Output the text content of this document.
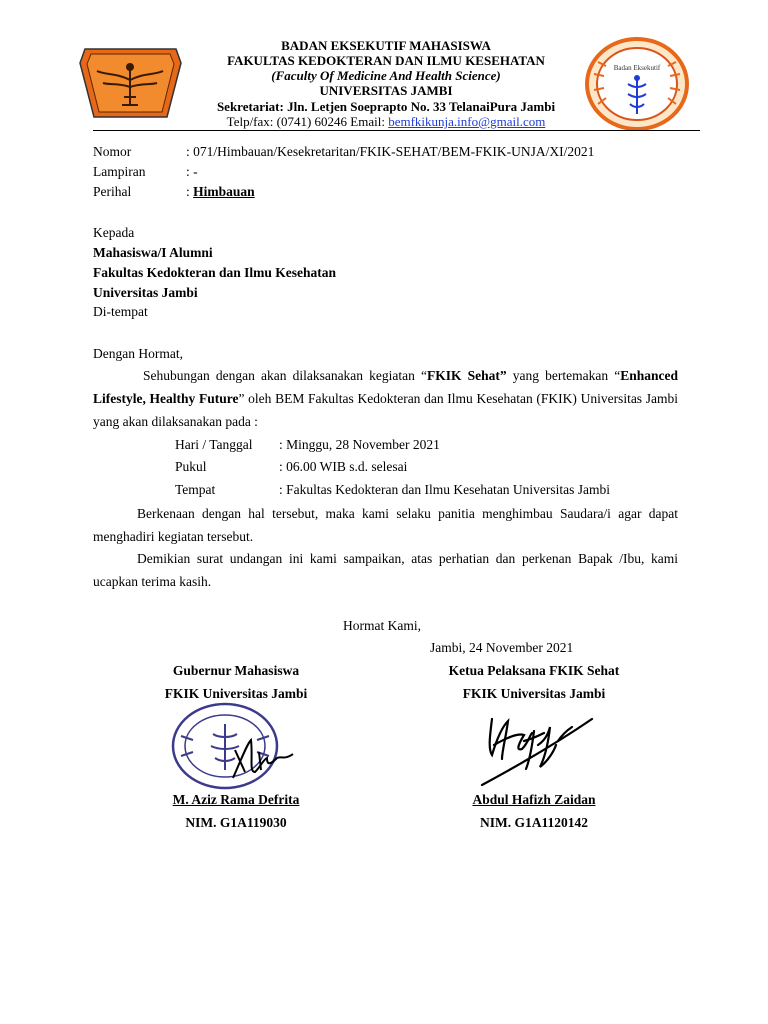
Badan Eksekutif
BADAN EKSEKUTIF MAHASISWA
FAKULTAS KEDOKTERAN DAN ILMU KESEHATAN
(Faculty Of Medicine And Health Science)
UNIVERSITAS JAMBI
Sekretariat: Jln. Letjen Soeprapto No. 33 TelanaiPura Jambi
Telp/fax: (0741) 60246 Email: bemfkikunja.info@gmail.com
Nomor	: 071/Himbauan/Kesekretaritan/FKIK-SEHAT/BEM-FKIK-UNJA/XI/2021
Lampiran	: -
Perihal	: Himbauan
Kepada
Mahasiswa/I Alumni
Fakultas Kedokteran dan Ilmu Kesehatan
Universitas Jambi
Di-tempat
Dengan Hormat,
Sehubungan dengan akan dilaksanakan kegiatan “FKIK Sehat” yang bertemakan “Enhanced Lifestyle, Healthy Future” oleh BEM Fakultas Kedokteran dan Ilmu Kesehatan (FKIK) Universitas Jambi yang akan dilaksanakan pada :
Hari / Tanggal : Minggu, 28 November 2021
Pukul	: 06.00 WIB s.d. selesai
Tempat	: Fakultas Kedokteran dan Ilmu Kesehatan Universitas Jambi
Berkenaan dengan hal tersebut, maka kami selaku panitia menghimbau Saudara/i agar dapat menghadiri kegiatan tersebut.
Demikian surat undangan ini kami sampaikan, atas perhatian dan perkenan Bapak /Ibu, kami ucapkan terima kasih.
Hormat Kami,
Jambi, 24 November 2021
Gubernur Mahasiswa
FKIK Universitas Jambi
Ketua Pelaksana FKIK Sehat
FKIK Universitas Jambi
M. Aziz Rama Defrita
NIM. G1A119030
Abdul Hafizh Zaidan
NIM. G1A1120142
